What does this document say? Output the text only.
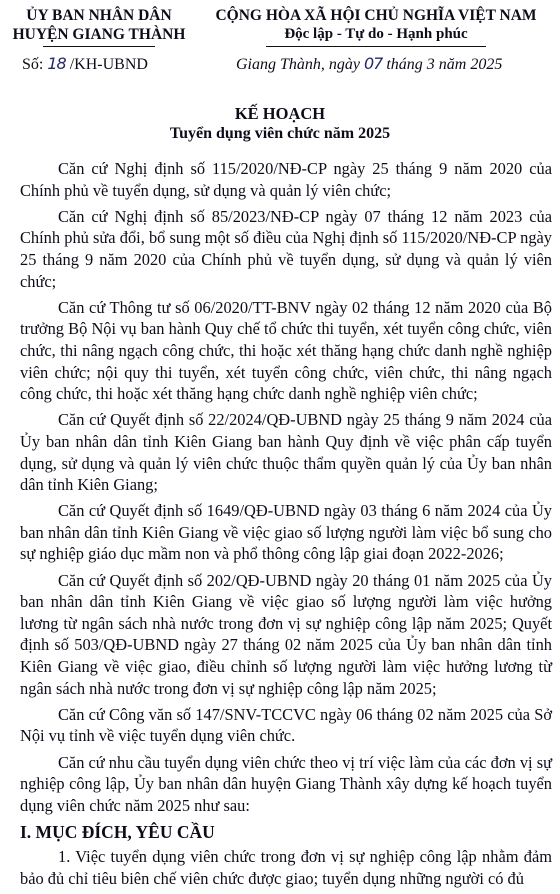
ỦY BAN NHÂN DÂN
HUYỆN GIANG THÀNH
CỘNG HÒA XÃ HỘI CHỦ NGHĨA VIỆT NAM
Độc lập - Tự do - Hạnh phúc
Số: 18 /KH-UBND	Giang Thành, ngày 07 tháng 3 năm 2025
KẾ HOẠCH
Tuyển dụng viên chức năm 2025

Căn cứ Nghị định số 115/2020/NĐ-CP ngày 25 tháng 9 năm 2020 của Chính phủ về tuyển dụng, sử dụng và quản lý viên chức;

Căn cứ Nghị định số 85/2023/NĐ-CP ngày 07 tháng 12 năm 2023 của Chính phủ sửa đổi, bổ sung một số điều của Nghị định số 115/2020/NĐ-CP ngày 25 tháng 9 năm 2020 của Chính phủ về tuyển dụng, sử dụng và quản lý viên chức;

Căn cứ Thông tư số 06/2020/TT-BNV ngày 02 tháng 12 năm 2020 của Bộ trưởng Bộ Nội vụ ban hành Quy chế tổ chức thi tuyển, xét tuyển công chức, viên chức, thi nâng ngạch công chức, thi hoặc xét thăng hạng chức danh nghề nghiệp viên chức; nội quy thi tuyển, xét tuyển công chức, viên chức, thi nâng ngạch công chức, thi hoặc xét thăng hạng chức danh nghề nghiệp viên chức;

Căn cứ Quyết định số 22/2024/QĐ-UBND ngày 25 tháng 9 năm 2024 của Ủy ban nhân dân tỉnh Kiên Giang ban hành Quy định về việc phân cấp tuyển dụng, sử dụng và quản lý viên chức thuộc thẩm quyền quản lý của Ủy ban nhân dân tỉnh Kiên Giang;

Căn cứ Quyết định số 1649/QĐ-UBND ngày 03 tháng 6 năm 2024 của Ủy ban nhân dân tỉnh Kiên Giang về việc giao số lượng người làm việc bổ sung cho sự nghiệp giáo dục mầm non và phổ thông công lập giai đoạn 2022-2026;

Căn cứ Quyết định số 202/QĐ-UBND ngày 20 tháng 01 năm 2025 của Ủy ban nhân dân tỉnh Kiên Giang về việc giao số lượng người làm việc hưởng lương từ ngân sách nhà nước trong đơn vị sự nghiệp công lập năm 2025; Quyết định số 503/QĐ-UBND ngày 27 tháng 02 năm 2025 của Ủy ban nhân dân tỉnh Kiên Giang về việc giao, điều chỉnh số lượng người làm việc hưởng lương từ ngân sách nhà nước trong đơn vị sự nghiệp công lập năm 2025;

Căn cứ Công văn số 147/SNV-TCCVC ngày 06 tháng 02 năm 2025 của Sở Nội vụ tỉnh về việc tuyển dụng viên chức.

Căn cứ nhu cầu tuyển dụng viên chức theo vị trí việc làm của các đơn vị sự nghiệp công lập, Ủy ban nhân dân huyện Giang Thành xây dựng kế hoạch tuyển dụng viên chức năm 2025 như sau:

I. MỤC ĐÍCH, YÊU CẦU

1. Việc tuyển dụng viên chức trong đơn vị sự nghiệp công lập nhằm đảm bảo đủ chỉ tiêu biên chế viên chức được giao; tuyển dụng những người có đủ
